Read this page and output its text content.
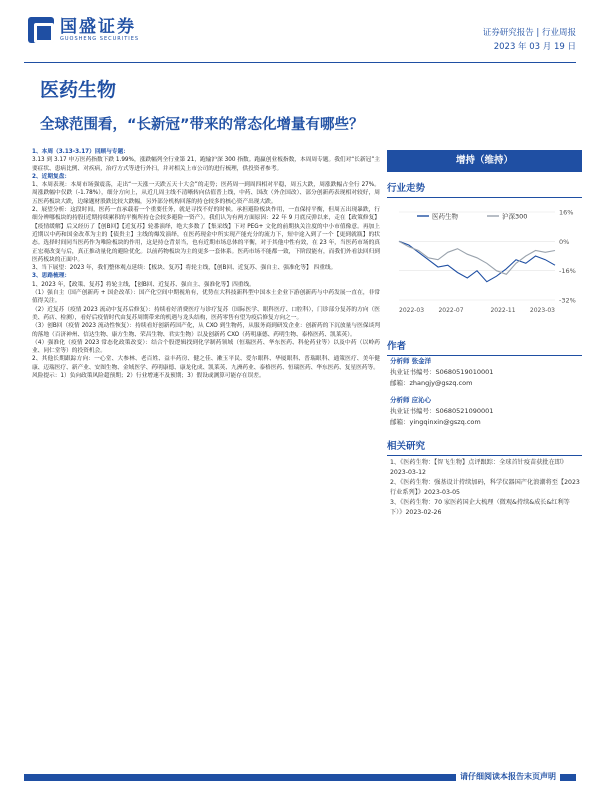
国盛证券
GUOSHENG SECURITIES
证券研究报告 | 行业周报
2023 年 03 月 19 日
医药生物
全球范围看，“长新冠”带来的常态化增量有哪些？
1、本周（3.13-3.17）回顾与专题：

3.13 到 3.17 申万医药指数下跌 1.99%，涨跌幅列全行业第 21，跑输沪深 300 指数。跑赢创业板指数，本周周专题。我们对“长新冠”主要症状、患病比例、对疾病，治疗方式等进行外扫，并对相关上市公司的进行梳理，供投资者参考。

2、近期复盘：

1、本周表现：本周市场强震荡，走出“一天涨一天跌五天十大会”的走势；医药周一到周四相对平稳，周五大跌，周涨跌幅占全行 27%。周涨跌幅中仅跌（-1.78%），细分方向上，从近几周主线不清晰转向估值普上线，中药、国改（外企国改）、部分创新药表现相对较好，周五医药板块大跌，边缘题材股跌比较大跌幅，另外部分机构回落的持仓较多的核心资产出现大跌。

2、展望分析：这段时间，医药一直承载着一个重要任务，就是寻找不好的时候。承担避险板块作用，一直保持平衡，但周五出现暴跌，行细分辨哪板块的持股(近期持续累积的平衡所持仓会较多避险一资产）。我们认为有两方面原因：22 年 9 月底反弹以来，走在【政策修复】【疫情缓解】后又经历了【创B回】【近复苏】轮番演绎，绝大多数了【集采线】下对 PEG+ 文化的前期执关注度的中小市值像意。再加上近期以中药和国金改革为主的【债贵主】主线的爆发演绎，在医药现金中所实现产能充分的流力下，短中途入到了一个【更到就瓶】的状态。选择时间同当医药作为唯险板块的作用，这是持仓背景当，也有近期市场总体的平衡，对于其他中性有效，在 23 年，当医药市场的真正宏观改变与后，真正推动量化的避险优化。以前药物板块为主的更多一套体系。医药市场不能都一致，下阶段能有，而我们外看法回归到医药板块的正面中。

3、当下展望：2023 年，我们整体观点延续：【板块、复苏】将轮主线，【创B回、近复苏、强自主、强准化等】 四重线。

3、思路梳理：

1、2023 年，【政策、复苏】将轮主线，【创B回、近复苏、强自主、强准化等】四重线。

（1）强自主（国产创新药 + 国企改革）：国产化空间中期视角有，优势在大科技新科型中国本土企业下游创新药与中药发展一直在，非常值得关注。

（2）近复苏（疫情 2023 流动中复苏后修复）：持续看好消费医疗与诊疗复苏（国际医学、眼科医疗、口腔科），门诊部分复苏的方向（医美、药店、检测），看好后疫情时代由复苏周期带来的机遇与龙头结构，医药零售有望为疫后修复方向之一。

（3）创B回（疫情 2023 流动性恢复）：持续看好创新药国产化，从 CXO 到生物药，从服务商到研发企业：创新药的下沉放量与医保谈判的落地（百济神州、信达生物、康方生物、荣昌生物、君实生物）以及创新药 CXO（药明康德、药明生物、泰格医药、凯莱英）。

（4）强准化（疫情 2023 常态化政策改变）：结合个股逻辑找到化学制药领域（恒瑞医药、华东医药、科伦药业等）以及中药（以岭药业、同仁堂等）的投资机会。

2、其他长期跟踪方向：一心堂、大参林、老百姓、益丰药房、健之佳、漱玉平民、爱尔眼科、华厦眼科、普瑞眼科、通策医疗、美年健康、迈瑞医疗、新产业、安图生物、金域医学、药明康德、康龙化成、凯莱英、九洲药业、泰格医药、恒瑞医药、华东医药、复星医药等。

风险提示：1）负向政策风险超预期；2）行业增速不及预期；3）假设或测算可能存在误差。

增持（维持）
行业走势
16%
0%
-16%
-32%
2022-03 2022-07	2022-11 2023-03
医药生物	沪深300
作者
分析师 张金洋
执业证书编号：S0680519010001
邮箱：zhangjy@gszq.com
分析师 应沁心
执业证书编号：S0680521090001
邮箱：yingqinxin@gszq.com
相关研究
1、《医药生物：【智飞生物】点评跟踪：全球首针疫苗获批在即》2023-03-12
2、《医药生物：强基设计持续加码，科学仪器国产化浪潮将至【2023 行业系列】》2023-03-05
3、《医药生物：70 家医药国企大梳理（微观&持续&成长&红利等下）》2023-02-26
请仔细阅读本报告末页声明
